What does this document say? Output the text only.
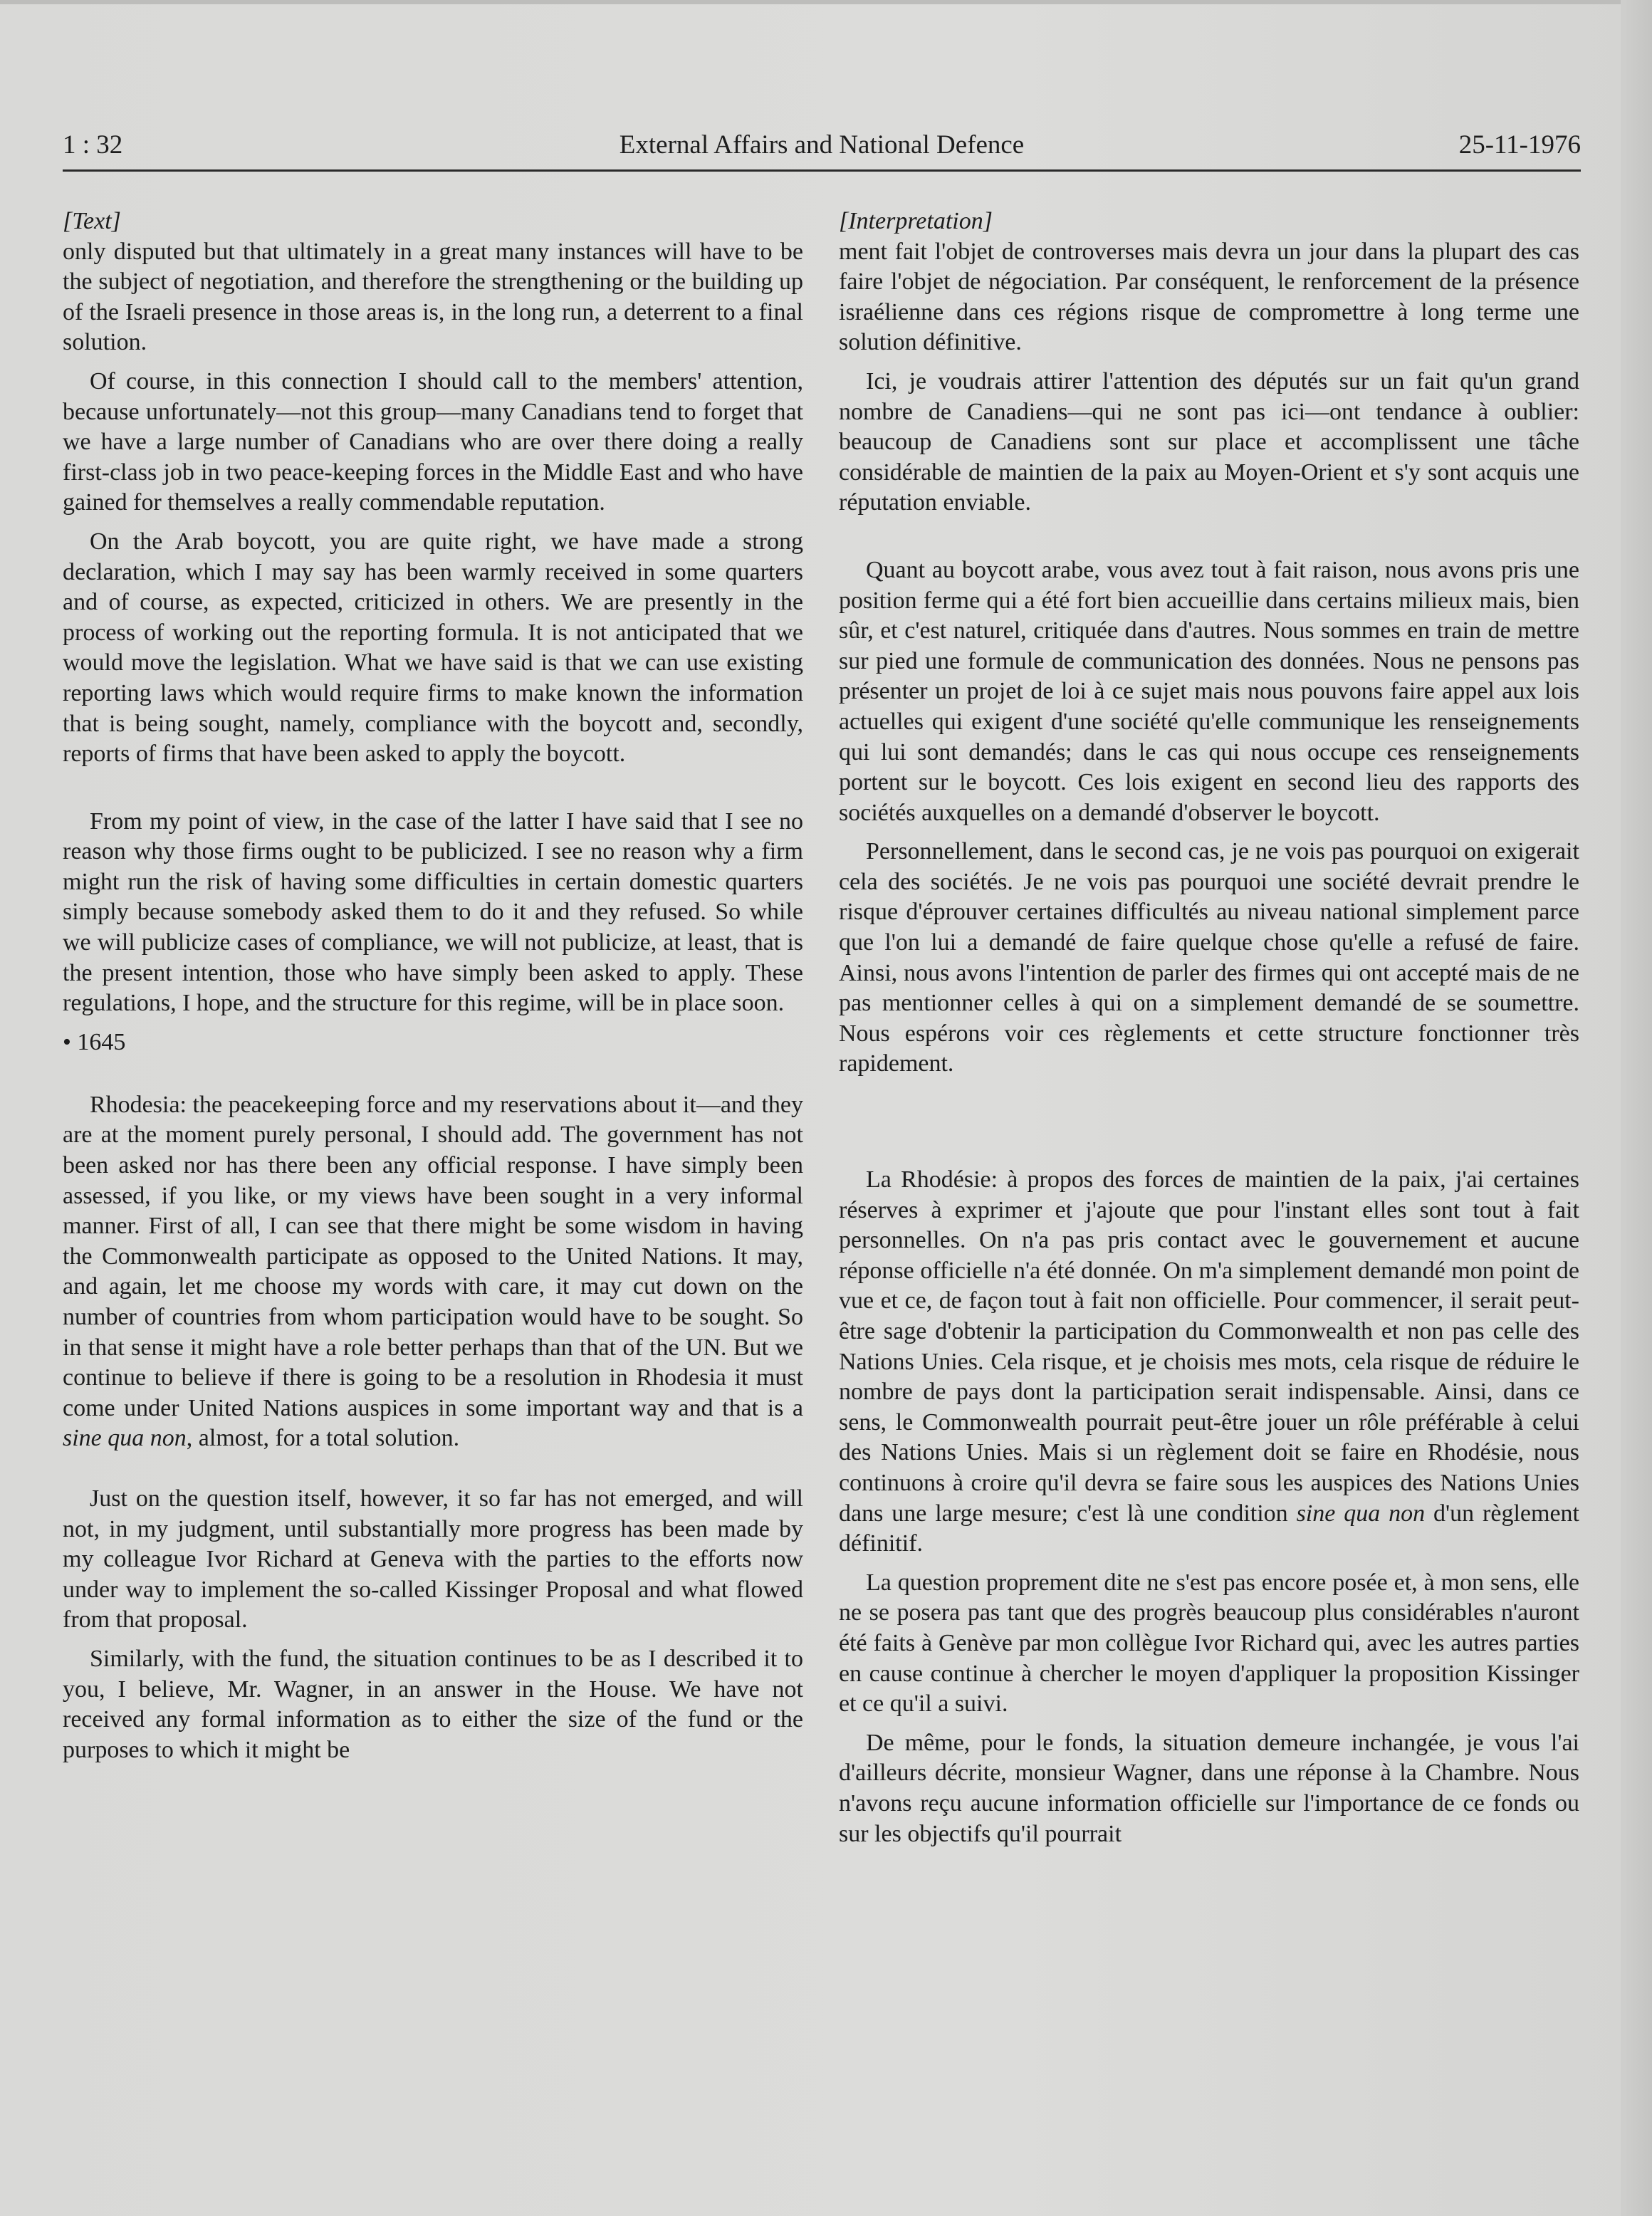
1 : 32	External Affairs and National Defence	25-11-1976

[Text]

only disputed but that ultimately in a great many instances will have to be the subject of negotiation, and therefore the strengthening or the building up of the Israeli presence in those areas is, in the long run, a deterrent to a final solution.

Of course, in this connection I should call to the members' attention, because unfortunately—not this group—many Canadians tend to forget that we have a large number of Canadians who are over there doing a really first-class job in two peace-keeping forces in the Middle East and who have gained for themselves a really commendable reputation.

On the Arab boycott, you are quite right, we have made a strong declaration, which I may say has been warmly received in some quarters and of course, as expected, criticized in others. We are presently in the process of working out the reporting formula. It is not anticipated that we would move the legislation. What we have said is that we can use existing reporting laws which would require firms to make known the information that is being sought, namely, compliance with the boycott and, secondly, reports of firms that have been asked to apply the boycott.

From my point of view, in the case of the latter I have said that I see no reason why those firms ought to be publicized. I see no reason why a firm might run the risk of having some difficulties in certain domestic quarters simply because somebody asked them to do it and they refused. So while we will publicize cases of compliance, we will not publicize, at least, that is the present intention, those who have simply been asked to apply. These regulations, I hope, and the structure for this regime, will be in place soon.

• 1645

Rhodesia: the peacekeeping force and my reservations about it—and they are at the moment purely personal, I should add. The government has not been asked nor has there been any official response. I have simply been assessed, if you like, or my views have been sought in a very informal manner. First of all, I can see that there might be some wisdom in having the Commonwealth participate as opposed to the United Nations. It may, and again, let me choose my words with care, it may cut down on the number of countries from whom participation would have to be sought. So in that sense it might have a role better perhaps than that of the UN. But we continue to believe if there is going to be a resolution in Rhodesia it must come under United Nations auspices in some important way and that is a sine qua non, almost, for a total solution.

Just on the question itself, however, it so far has not emerged, and will not, in my judgment, until substantially more progress has been made by my colleague Ivor Richard at Geneva with the parties to the efforts now under way to implement the so-called Kissinger Proposal and what flowed from that proposal.

Similarly, with the fund, the situation continues to be as I described it to you, I believe, Mr. Wagner, in an answer in the House. We have not received any formal information as to either the size of the fund or the purposes to which it might be

[Interpretation]

ment fait l'objet de controverses mais devra un jour dans la plupart des cas faire l'objet de négociation. Par conséquent, le renforcement de la présence israélienne dans ces régions risque de compromettre à long terme une solution définitive.

Ici, je voudrais attirer l'attention des députés sur un fait qu'un grand nombre de Canadiens—qui ne sont pas ici—ont tendance à oublier: beaucoup de Canadiens sont sur place et accomplissent une tâche considérable de maintien de la paix au Moyen-Orient et s'y sont acquis une réputation enviable.

Quant au boycott arabe, vous avez tout à fait raison, nous avons pris une position ferme qui a été fort bien accueillie dans certains milieux mais, bien sûr, et c'est naturel, critiquée dans d'autres. Nous sommes en train de mettre sur pied une formule de communication des données. Nous ne pensons pas présenter un projet de loi à ce sujet mais nous pouvons faire appel aux lois actuelles qui exigent d'une société qu'elle communique les renseignements qui lui sont demandés; dans le cas qui nous occupe ces renseignements portent sur le boycott. Ces lois exigent en second lieu des rapports des sociétés auxquelles on a demandé d'observer le boycott.

Personnellement, dans le second cas, je ne vois pas pourquoi on exigerait cela des sociétés. Je ne vois pas pourquoi une société devrait prendre le risque d'éprouver certaines difficultés au niveau national simplement parce que l'on lui a demandé de faire quelque chose qu'elle a refusé de faire. Ainsi, nous avons l'intention de parler des firmes qui ont accepté mais de ne pas mentionner celles à qui on a simplement demandé de se soumettre. Nous espérons voir ces règlements et cette structure fonctionner très rapidement.

La Rhodésie: à propos des forces de maintien de la paix, j'ai certaines réserves à exprimer et j'ajoute que pour l'instant elles sont tout à fait personnelles. On n'a pas pris contact avec le gouvernement et aucune réponse officielle n'a été donnée. On m'a simplement demandé mon point de vue et ce, de façon tout à fait non officielle. Pour commencer, il serait peut-être sage d'obtenir la participation du Commonwealth et non pas celle des Nations Unies. Cela risque, et je choisis mes mots, cela risque de réduire le nombre de pays dont la participation serait indispensable. Ainsi, dans ce sens, le Commonwealth pourrait peut-être jouer un rôle préférable à celui des Nations Unies. Mais si un règlement doit se faire en Rhodésie, nous continuons à croire qu'il devra se faire sous les auspices des Nations Unies dans une large mesure; c'est là une condition sine qua non d'un règlement définitif.

La question proprement dite ne s'est pas encore posée et, à mon sens, elle ne se posera pas tant que des progrès beaucoup plus considérables n'auront été faits à Genève par mon collègue Ivor Richard qui, avec les autres parties en cause continue à chercher le moyen d'appliquer la proposition Kissinger et ce qu'il a suivi.

De même, pour le fonds, la situation demeure inchangée, je vous l'ai d'ailleurs décrite, monsieur Wagner, dans une réponse à la Chambre. Nous n'avons reçu aucune information officielle sur l'importance de ce fonds ou sur les objectifs qu'il pourrait
